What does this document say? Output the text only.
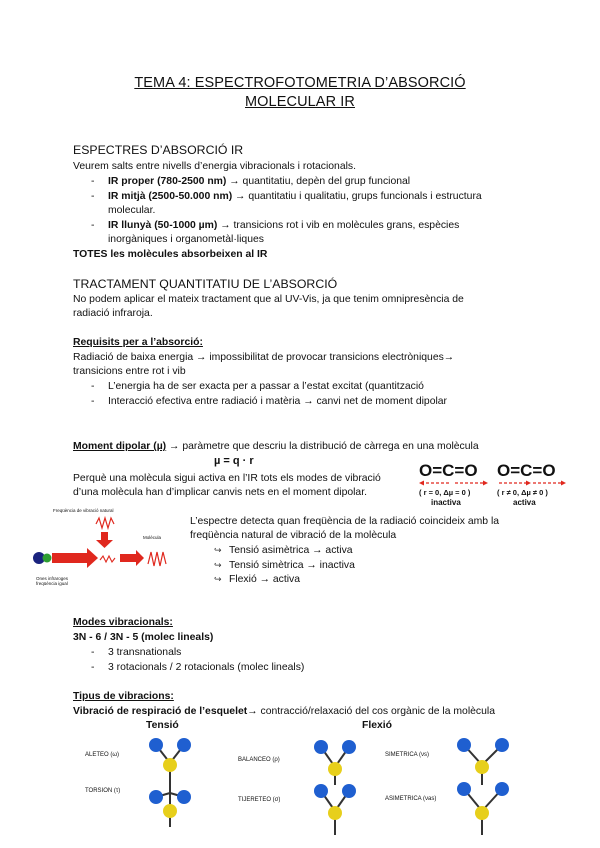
TEMA 4: ESPECTROFOTOMETRIA D’ABSORCIÓ
MOLECULAR IR
ESPECTRES D’ABSORCIÓ IR
Veurem salts entre nivells d’energia vibracionals i rotacionals.
- IR proper (780-2500 nm) → quantitatiu, depèn del grup funcional
- IR mitjà (2500-50.000 nm) → quantitatiu i qualitatiu, grups funcionals i estructura
molecular.
- IR llunyà (50-1000 µm) → transicions rot i vib en molècules grans, espècies
inorgàniques i organometàl·liques
TOTES les molècules absorbeixen al IR
TRACTAMENT QUANTITATIU DE L’ABSORCIÓ
No podem aplicar el mateix tractament que al UV-Vis, ja que tenim omnipresència de
radiació infraroja.
Requisits per a l’absorció:
Radiació de baixa energia → impossibilitat de provocar transicions electròniques→
transicions entre rot i vib
- L’energia ha de ser exacta per a passar a l’estat excitat (quantització
- Interacció efectiva entre radiació i matèria → canvi net de moment dipolar
Moment dipolar (µ) → paràmetre que descriu la distribució de càrrega en una molècula
µ = q · r
Perquè una molècula sigui activa en l’IR tots els modes de vibració
d’una molècula han d’implicar canvis nets en el moment dipolar.
O=C=O
( r = 0, Δµ = 0 )
inactiva
O=C=O
( r ≠ 0, Δµ ≠ 0 )
activa
Freqüència de vibració natural
Molècula
Ones infraroges
freqüència igual
L’espectre detecta quan freqüència de la radiació coincideix amb la
freqüència natural de vibració de la molècula
↪ Tensió asimètrica → activa
↪ Tensió simètrica → inactiva
↪ Flexió → activa
Modes vibracionals:
3N - 6 / 3N - 5 (molec lineals)
- 3 transnationals
- 3 rotacionals / 2 rotacionals (molec lineals)
Tipus de vibracions:
Vibració de respiració de l’esquelet→ contracció/relaxació del cos orgànic de la molècula
Tensió	Flexió
ALETEO (ω)
TORSION (τ)
BALANCEO (ρ)
TIJERETEO (σ)
SIMETRICA (νs)
ASIMETRICA (νas)
